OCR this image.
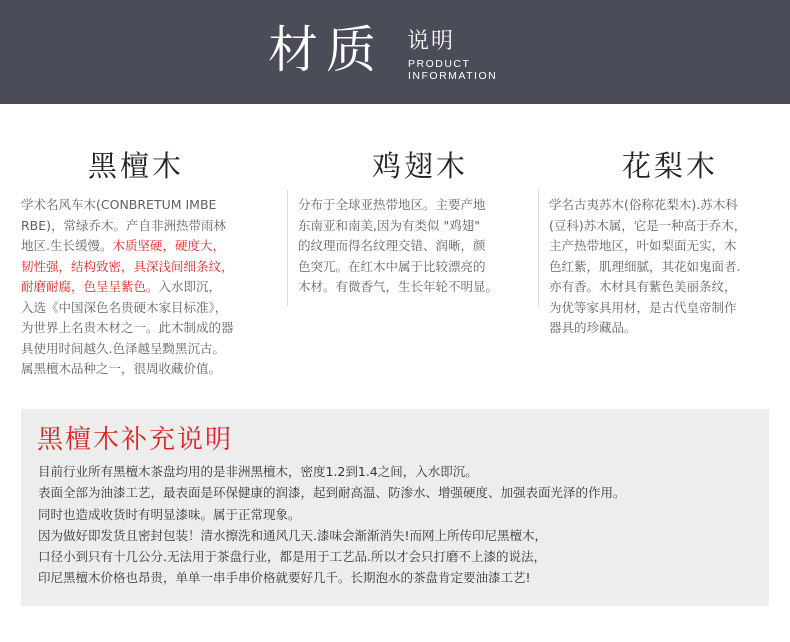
材质 说明
PRODUCT
INFORMATION
黑檀木	鸡翅木	花梨木
学术名风车木(CONBRETUM IMBE
RBE)，常绿乔木。产自非洲热带雨林
地区.生长缓慢。木质坚硬，硬度大，
韧性强，结构致密，具深浅间细条纹，
耐磨耐腐，色呈呈紫色。入水即沉，
入选《中国深色名贵硬木家目标准》，
为世界上名贵木材之一。此木制成的器
具使用时间越久.色泽越呈黝黑沉古。
属黑檀木品种之一，很周收藏价值。
分布于全球亚热带地区。主要产地
东南亚和南美,因为有类似 "鸡翅"
的纹理而得名纹理交错、润晰，颜
色突兀。在红木中属于比较漂亮的
木材。有微香气，生长年轮不明显。
学名古夷苏木(俗称花梨木).苏木科
(豆科)苏木属，它是一种高于乔木，
主产热带地区，叶如梨面无实，木
色红紫，肌理细腻，其花如鬼面者.
亦有香。木材具有紫色美丽条纹，
为优等家具用材，是古代皇帝制作
器具的珍藏品。
黑檀木补充说明
目前行业所有黑檀木茶盘均用的是非洲黑檀木，密度1.2到1.4之间，入水即沉。
表面全部为油漆工艺，最表面是环保健康的润漆，起到耐高温、防渗水、增强硬度、加强表面光泽的作用。
同时也造成收货时有明显漆味。属于正常现象。
因为做好即发货且密封包装！清水擦洗和通风几天.漆味会渐渐消失!而网上所传印尼黑檀木，
口径小到只有十几公分.无法用于茶盘行业，都是用于工艺品.所以才会只打磨不上漆的说法，
印尼黑檀木价格也昂贵，单单一串手串价格就要好几千。长期泡水的茶盘肯定要油漆工艺!
